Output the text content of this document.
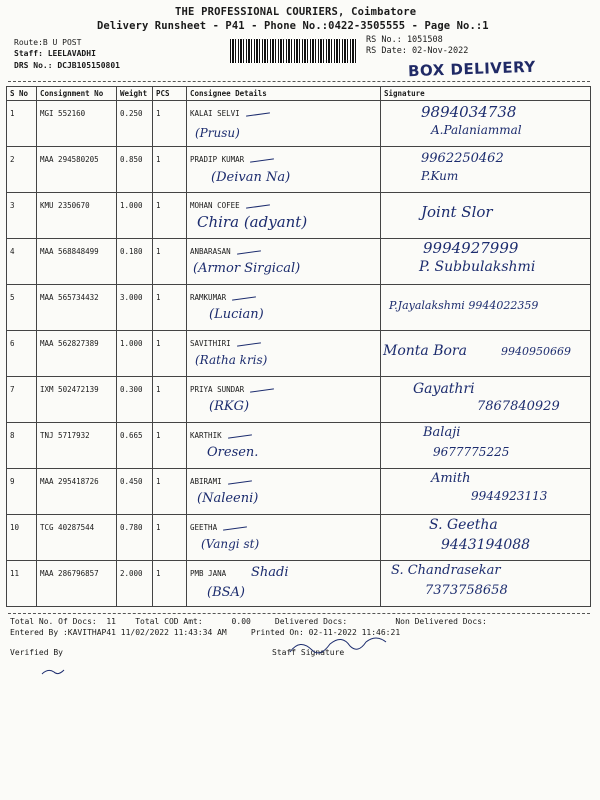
THE PROFESSIONAL COURIERS, Coimbatore
Delivery Runsheet - P41 - Phone No.:0422-3505555 - Page No.:1
Route:B U POST
Staff: LEELAVADHI
DRS No.: DCJB105150801
RS No.: 1051508
RS Date: 02-Nov-2022
BOX DELIVERY
S No	Consignment No	Weight	PCS	Consignee Details	Signature

1	MGI 552160	0.250	1	KALAI SELVI
(Prusu)	9894034738
A.Palaniammal

2	MAA 294580205	0.850	1	PRADIP KUMAR
(Deivan Na)	9962250462
P.Kum

3	KMU 2350670	1.000	1	MOHAN COFEE
Chira (adyant)	Joint Slor

4	MAA 568848499	0.180	1	ANBARASAN
(Armor Sirgical)	9994927999
P. Subbulakshmi

5	MAA 565734432	3.000	1	RAMKUMAR
(Lucian)	P.Jayalakshmi 9944022359

6	MAA 562827389	1.000	1	SAVITHIRI
(Ratha kris)	Monta Bora 9940950669

7	IXM 502472139	0.300	1	PRIYA SUNDAR
(RKG)	Gayathri
7867840929

8	TNJ 5717932	0.665	1	KARTHIK
Oresen.	Balaji
9677775225

9	MAA 295418726	0.450	1	ABIRAMI
(Naleeni)	Amith
9944923113

10	TCG 40287544	0.780	1	GEETHA
(Vangi st)	S. Geetha
9443194088

11	MAA 286796857	2.000	1	PMB JANA Shadi
(BSA)	S. Chandrasekar
7373758658
Total No. Of Docs:  11    Total COD Amt:      0.00     Delivered Docs:          Non Delivered Docs:
Entered By :KAVITHAP41 11/02/2022 11:43:34 AM     Printed On: 02-11-2022 11:46:21
Verified By	Staff Signature
